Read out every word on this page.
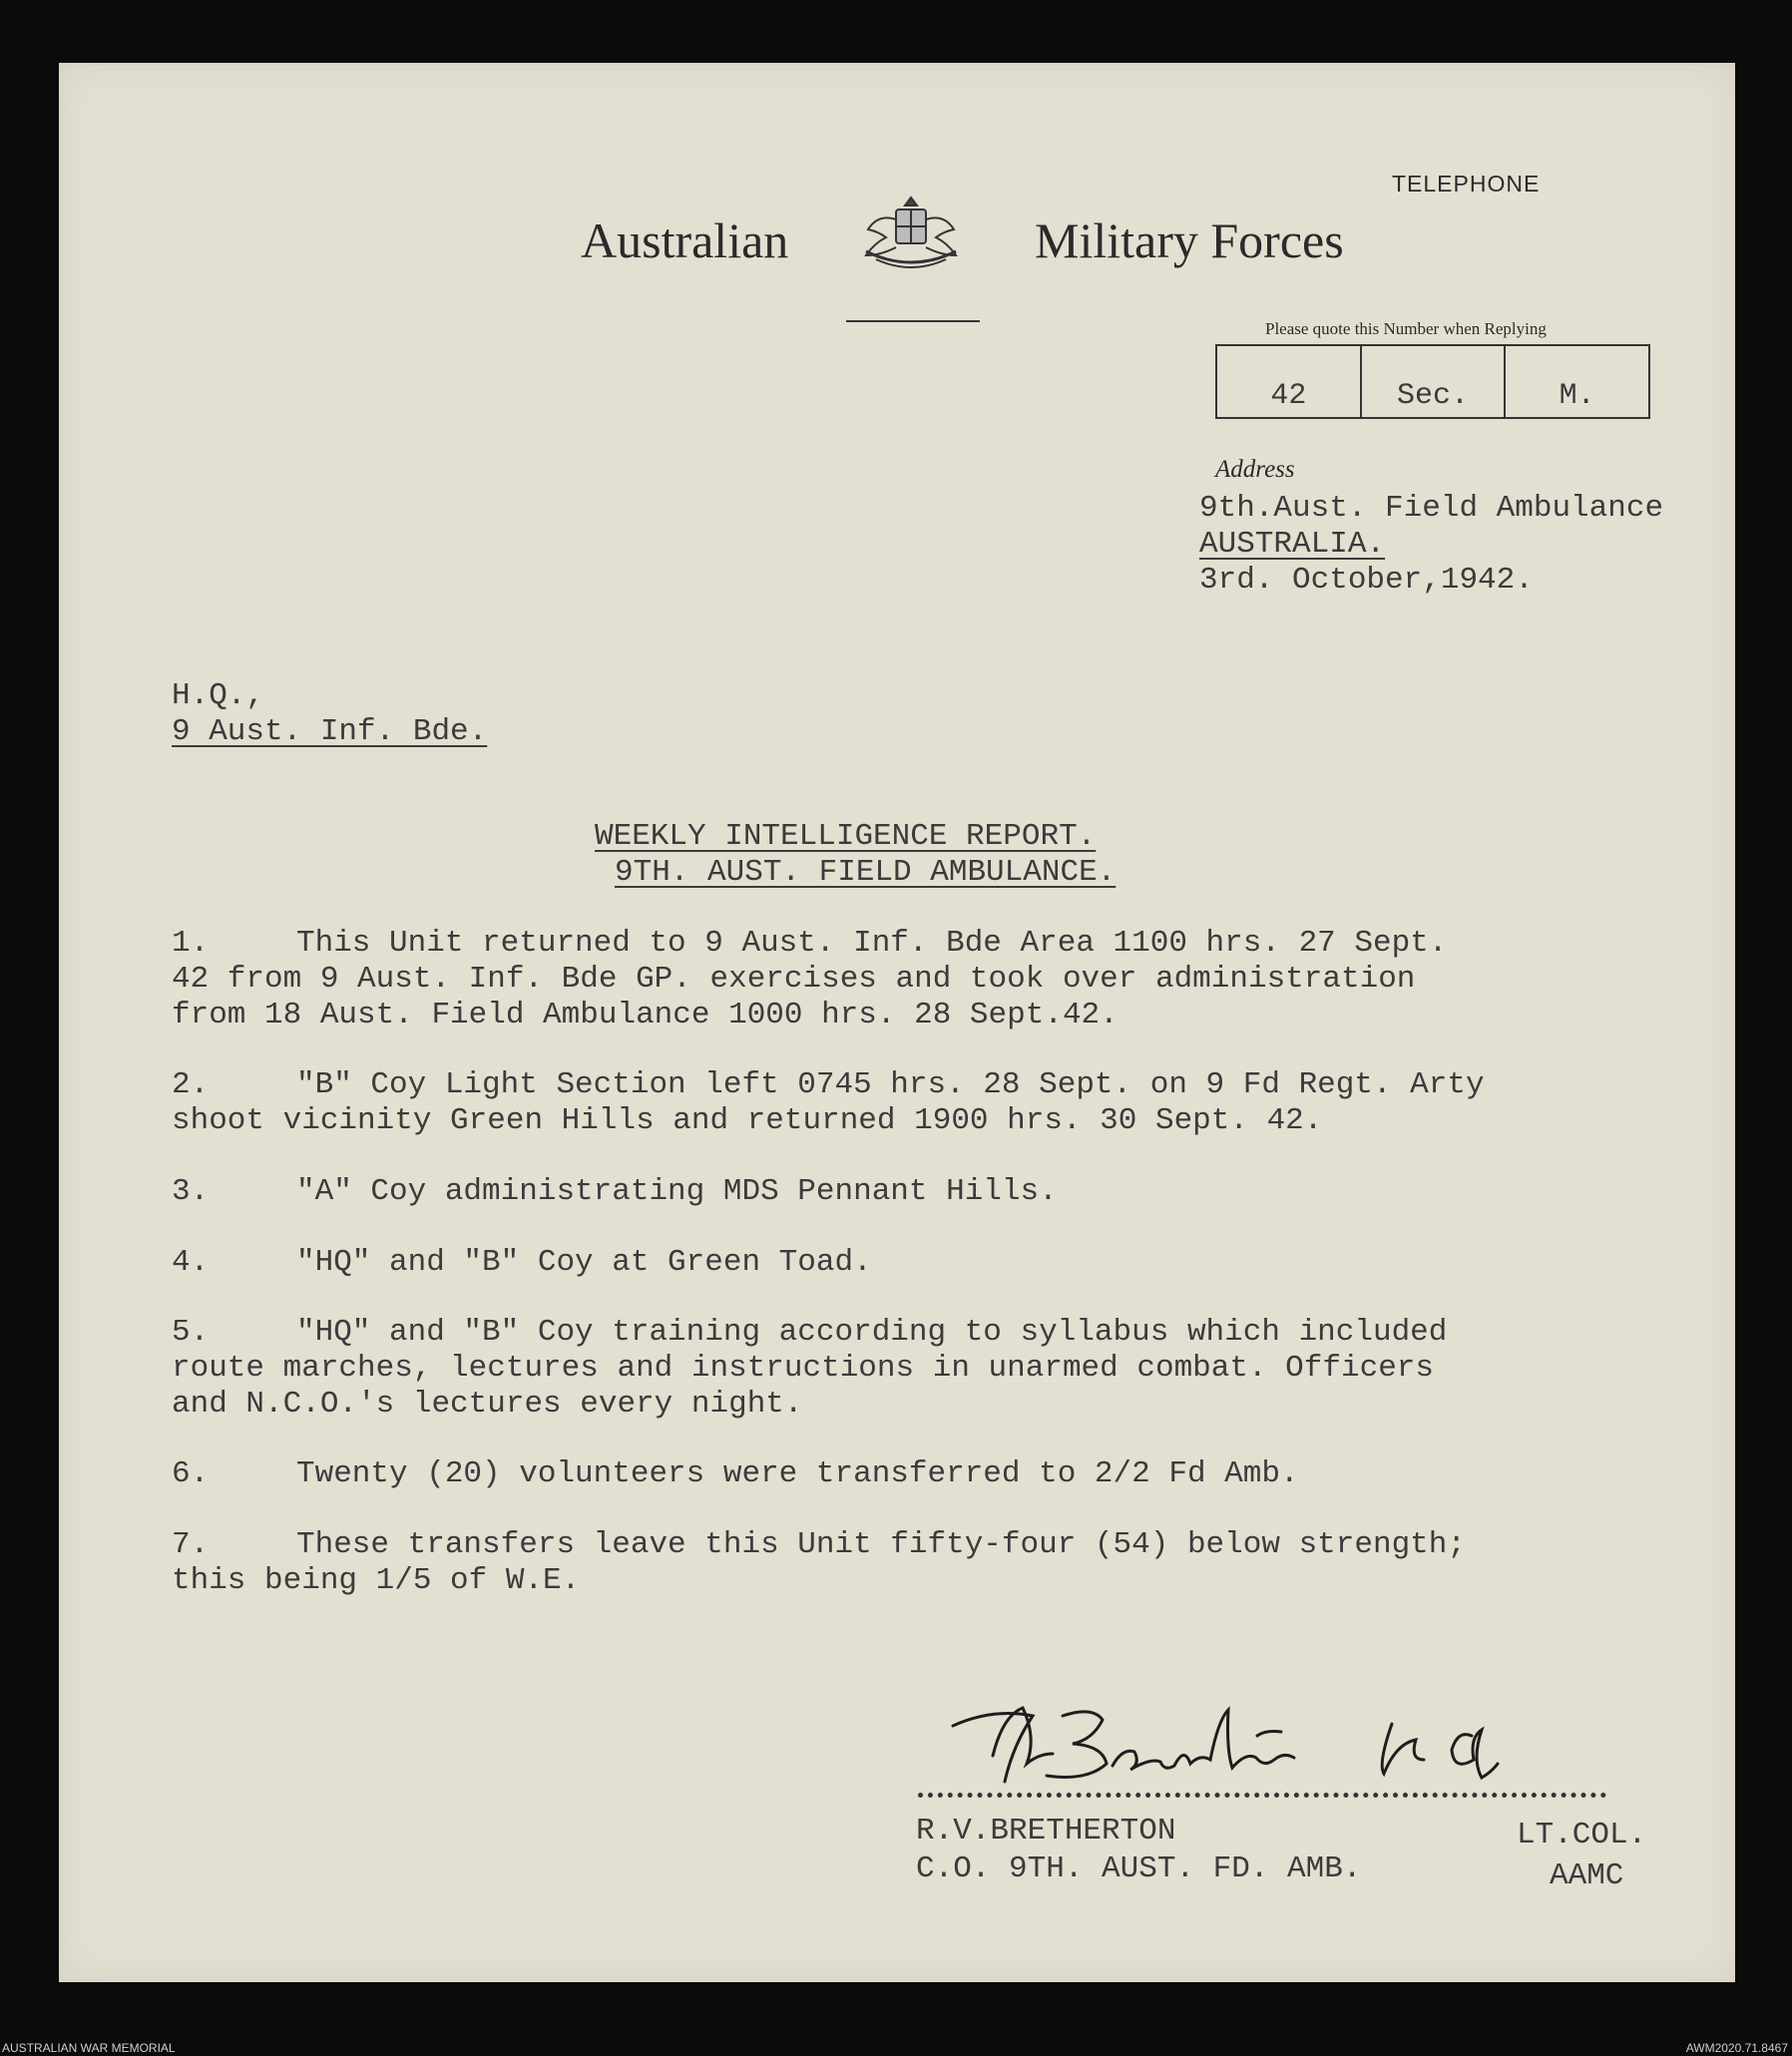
Australian	Military Forces
TELEPHONE
Please quote this Number when Replying
42	Sec.	M.
Address
9th.Aust. Field Ambulance
AUSTRALIA.
3rd. October,1942.
H.Q.,
9 Aust. Inf. Bde.
WEEKLY INTELLIGENCE REPORT.
9TH. AUST. FIELD AMBULANCE.
1.	This Unit returned to 9 Aust. Inf. Bde Area 1100 hrs. 27 Sept.
42 from 9 Aust. Inf. Bde GP. exercises and took over administration
from 18 Aust. Field Ambulance 1000 hrs. 28 Sept.42.
2.	"B" Coy Light Section left 0745 hrs. 28 Sept. on 9 Fd Regt. Arty
shoot vicinity Green Hills and returned 1900 hrs. 30 Sept. 42.
3.	"A" Coy administrating MDS Pennant Hills.
4.	"HQ" and "B" Coy at Green Toad.
5.	"HQ" and "B" Coy training according to syllabus which included
route marches, lectures and instructions in unarmed combat. Officers
and N.C.O.'s lectures every night.
6.	Twenty (20) volunteers were transferred to 2/2 Fd Amb.
7.	These transfers leave this Unit fifty-four (54) below strength;
this being 1/5 of W.E.
R.V.BRETHERTON
C.O. 9TH. AUST. FD. AMB.
LT.COL.
AAMC
AUSTRALIAN WAR MEMORIAL	AWM2020.71.8467
